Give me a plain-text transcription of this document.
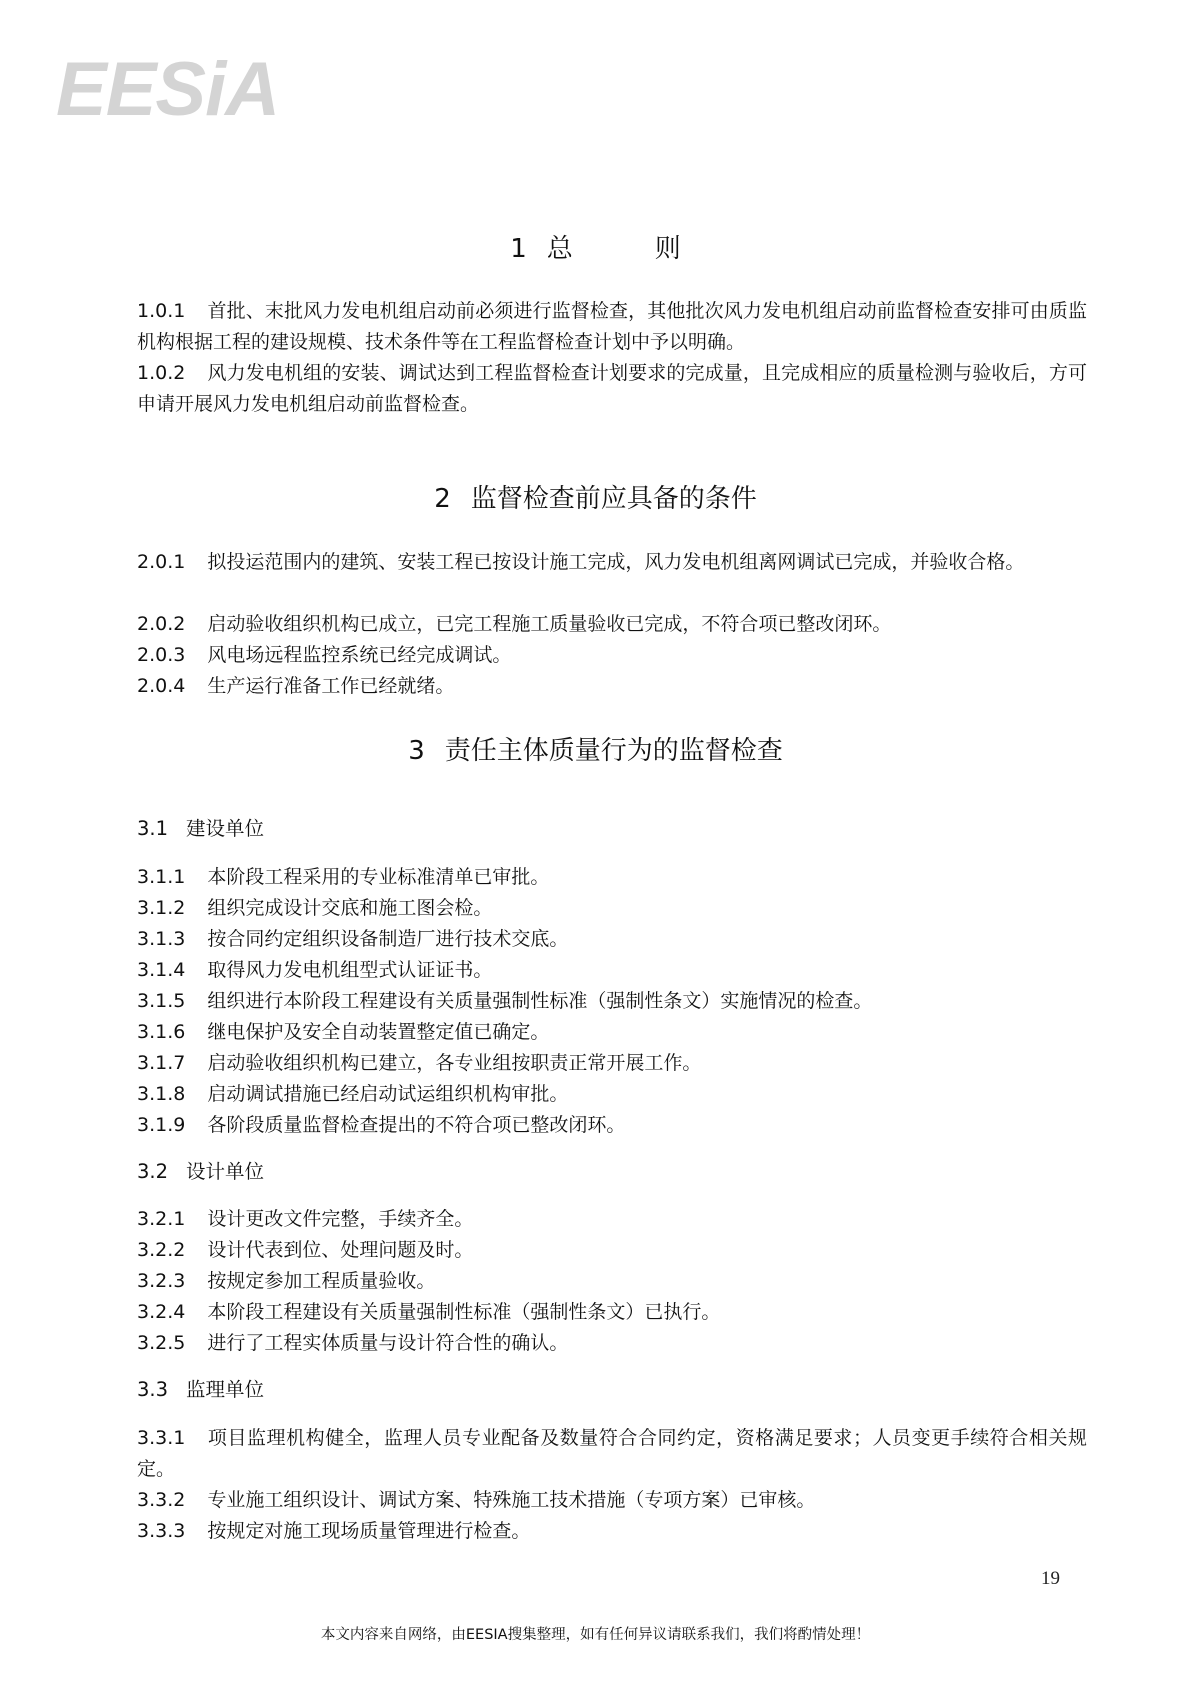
EESiA
1 总	则
1.0.1 首批、末批风力发电机组启动前必须进行监督检查，其他批次风力发电机组启动前监督检查安排可由质监机构根据工程的建设规模、技术条件等在工程监督检查计划中予以明确。
1.0.2 风力发电机组的安装、调试达到工程监督检查计划要求的完成量，且完成相应的质量检测与验收后，方可申请开展风力发电机组启动前监督检查。
2 监督检查前应具备的条件
2.0.1 拟投运范围内的建筑、安装工程已按设计施工完成，风力发电机组离网调试已完成，并验收合格。
2.0.2 启动验收组织机构已成立，已完工程施工质量验收已完成，不符合项已整改闭环。
2.0.3 风电场远程监控系统已经完成调试。
2.0.4 生产运行准备工作已经就绪。
3 责任主体质量行为的监督检查
3.1 建设单位
3.1.1 本阶段工程采用的专业标准清单已审批。
3.1.2 组织完成设计交底和施工图会检。
3.1.3 按合同约定组织设备制造厂进行技术交底。
3.1.4 取得风力发电机组型式认证证书。
3.1.5 组织进行本阶段工程建设有关质量强制性标准（强制性条文）实施情况的检查。
3.1.6 继电保护及安全自动装置整定值已确定。
3.1.7 启动验收组织机构已建立，各专业组按职责正常开展工作。
3.1.8 启动调试措施已经启动试运组织机构审批。
3.1.9 各阶段质量监督检查提出的不符合项已整改闭环。
3.2 设计单位
3.2.1 设计更改文件完整，手续齐全。
3.2.2 设计代表到位、处理问题及时。
3.2.3 按规定参加工程质量验收。
3.2.4 本阶段工程建设有关质量强制性标准（强制性条文）已执行。
3.2.5 进行了工程实体质量与设计符合性的确认。
3.3 监理单位
3.3.1 项目监理机构健全，监理人员专业配备及数量符合合同约定，资格满足要求；人员变更手续符合相关规定。
3.3.2 专业施工组织设计、调试方案、特殊施工技术措施（专项方案）已审核。
3.3.3 按规定对施工现场质量管理进行检查。
19
本文内容来自网络，由EESIA搜集整理，如有任何异议请联系我们，我们将酌情处理！
